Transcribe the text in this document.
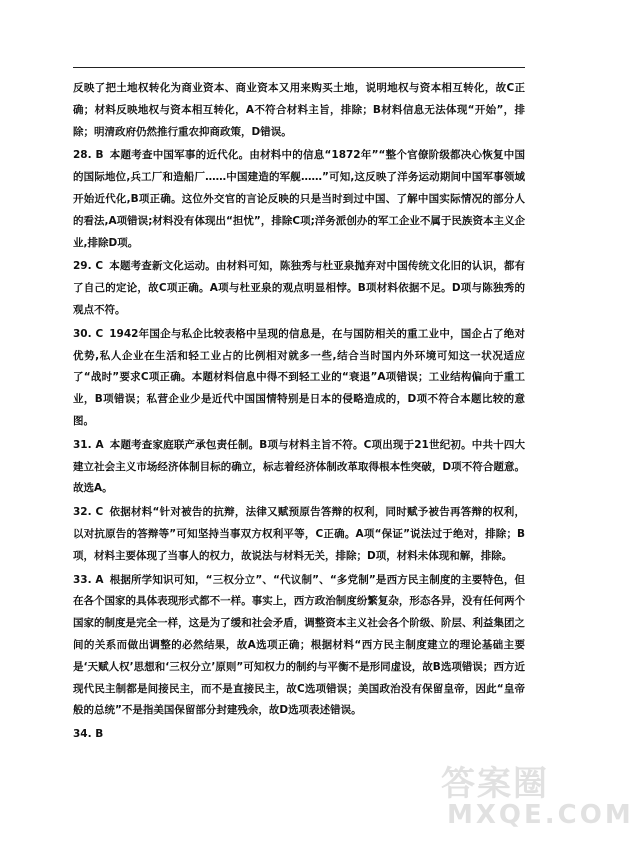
反映了把土地权转化为商业资本、商业资本又用来购买土地，说明地权与资本相互转化，故C正确；材料反映地权与资本相互转化，A不符合材料主旨，排除；B材料信息无法体现“开始”，排除；明清政府仍然推行重农抑商政策，D错误。

28. B 本题考查中国军事的近代化。由材料中的信息“1872年”“整个官僚阶级都决心恢复中国的国际地位,兵工厂和造船厂……中国建造的军舰……”可知,这反映了洋务运动期间中国军事领域开始近代化,B项正确。这位外交官的言论反映的只是当时到过中国、了解中国实际情况的部分人的看法,A项错误;材料没有体现出“担忧”，排除C项;洋务派创办的军工企业不属于民族资本主义企业,排除D项。

29. C 本题考查新文化运动。由材料可知，陈独秀与杜亚泉抛弃对中国传统文化旧的认识，都有了自己的定论，故C项正确。A项与杜亚泉的观点明显相悖。B项材料依据不足。D项与陈独秀的观点不符。

30. C 1942年国企与私企比较表格中呈现的信息是，在与国防相关的重工业中，国企占了绝对优势,私人企业在生活和轻工业占的比例相对就多一些,结合当时国内外环境可知这一状况适应了“战时”要求C项正确。本题材料信息中得不到轻工业的“衰退”A项错误；工业结构偏向于重工业，B项错误；私营企业少是近代中国国情特别是日本的侵略造成的，D项不符合本题比较的意图。

31. A 本题考查家庭联产承包责任制。B项与材料主旨不符。C项出现于21世纪初。中共十四大建立社会主义市场经济体制目标的确立，标志着经济体制改革取得根本性突破，D项不符合题意。故选A。

32. C 依据材料“针对被告的抗辩，法律又赋预原告答辩的权利，同时赋予被告再答辩的权利，以对抗原告的答辩等”可知坚持当事双方权利平等，C正确。A项“保证”说法过于绝对，排除；B项，材料主要体现了当事人的权力，故说法与材料无关，排除；D项，材料未体现和解，排除。

33. A 根据所学知识可知，“三权分立”、“代议制”、“多党制”是西方民主制度的主要特色，但在各个国家的具体表现形式都不一样。事实上，西方政治制度纷繁复杂，形态各异，没有任何两个国家的制度是完全一样，这是为了缓和社会矛盾，调整资本主义社会各个阶级、阶层、利益集团之间的关系而做出调整的必然结果，故A选项正确；根据材料“西方民主制度建立的理论基础主要是‘天赋人权’思想和‘三权分立’原则”可知权力的制约与平衡不是形同虚设，故B选项错误；西方近现代民主制都是间接民主，而不是直接民主，故C选项错误；美国政治没有保留皇帝，因此“皇帝般的总统”不是指美国保留部分封建残余，故D选项表述错误。

34. B

答案圈
MXQE.COM
